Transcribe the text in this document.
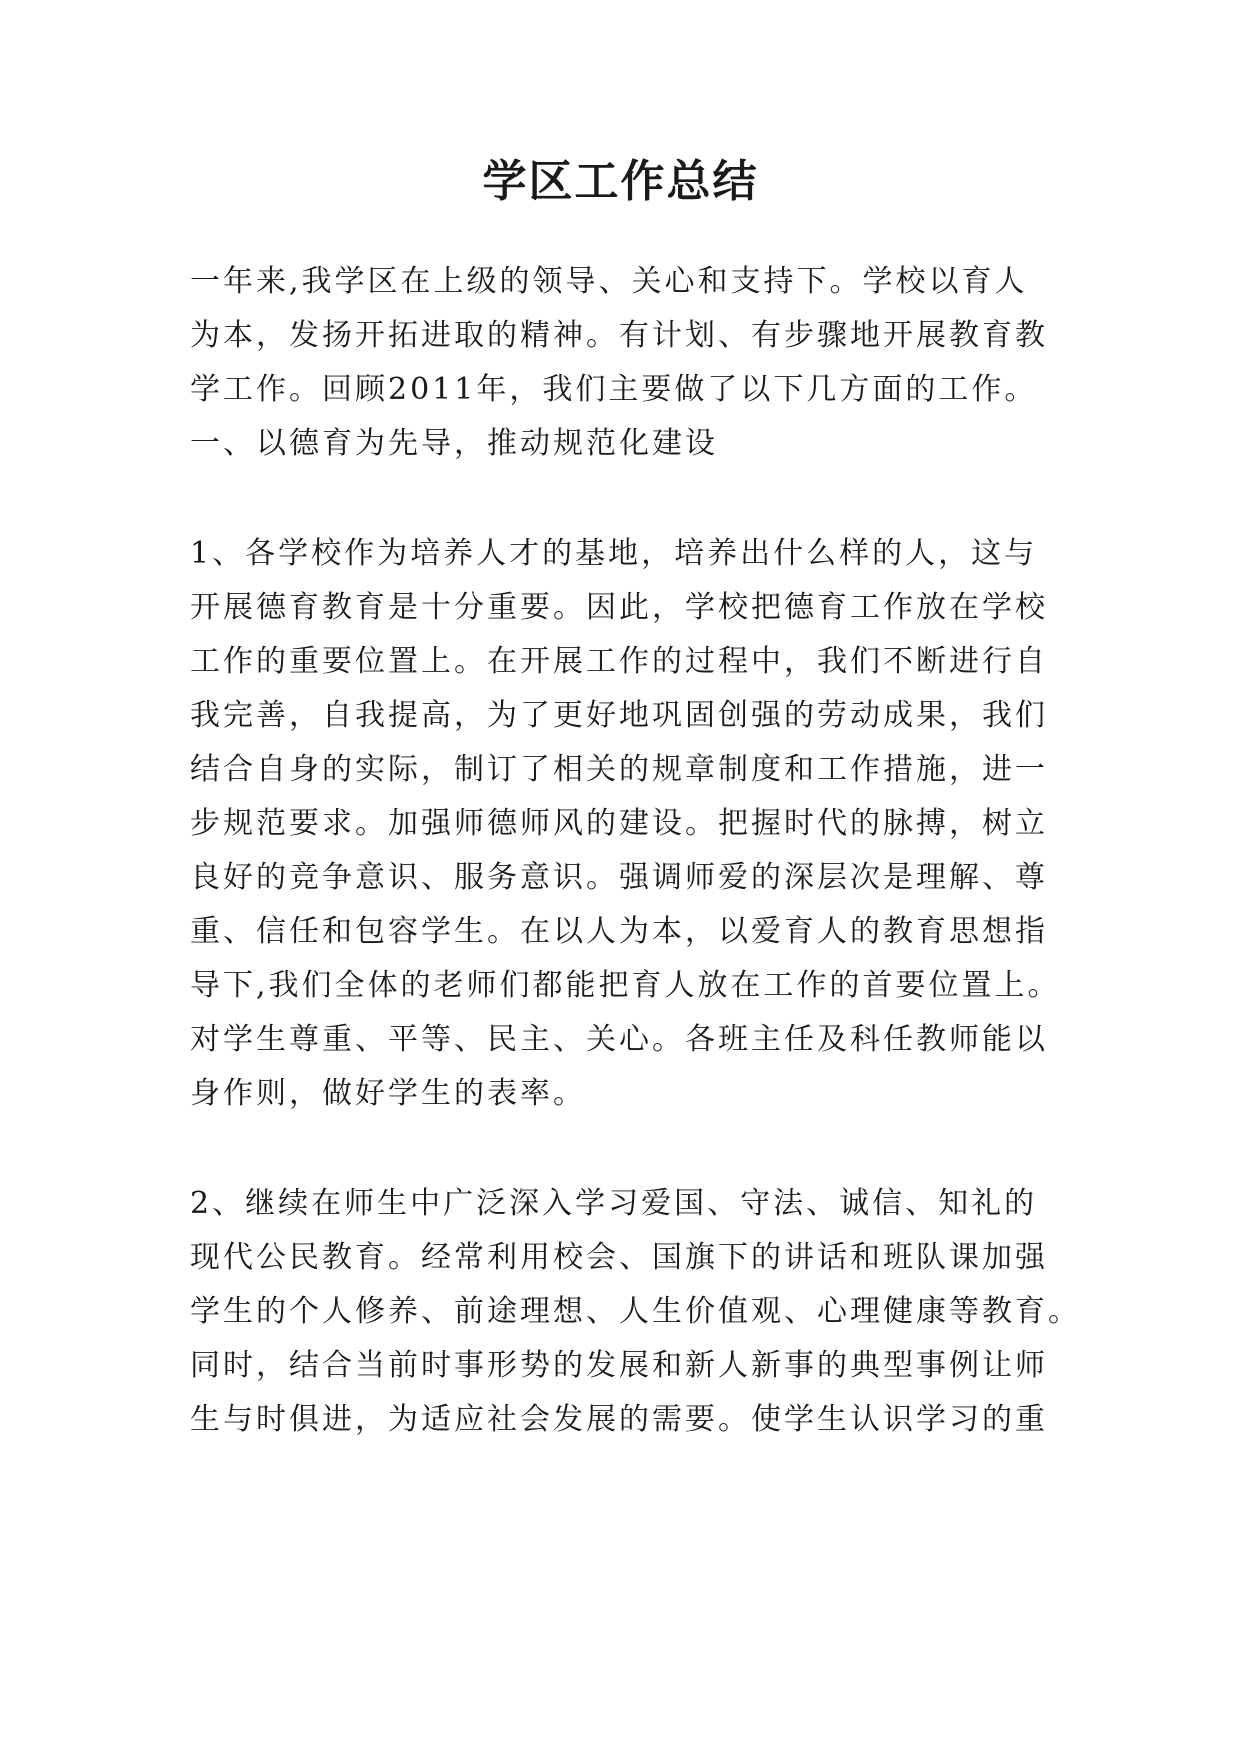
学区工作总结

一年来,我学区在上级的领导、关心和支持下。学校以育人

为本，发扬开拓进取的精神。有计划、有步骤地开展教育教

学工作。回顾2011年，我们主要做了以下几方面的工作。

一、以德育为先导，推动规范化建设

1、各学校作为培养人才的基地，培养出什么样的人，这与

开展德育教育是十分重要。因此，学校把德育工作放在学校

工作的重要位置上。在开展工作的过程中，我们不断进行自

我完善，自我提高，为了更好地巩固创强的劳动成果，我们

结合自身的实际，制订了相关的规章制度和工作措施，进一

步规范要求。加强师德师风的建设。把握时代的脉搏，树立

良好的竞争意识、服务意识。强调师爱的深层次是理解、尊

重、信任和包容学生。在以人为本，以爱育人的教育思想指

导下,我们全体的老师们都能把育人放在工作的首要位置上。

对学生尊重、平等、民主、关心。各班主任及科任教师能以

身作则，做好学生的表率。

2、继续在师生中广泛深入学习爱国、守法、诚信、知礼的

现代公民教育。经常利用校会、国旗下的讲话和班队课加强

学生的个人修养、前途理想、人生价值观、心理健康等教育。

同时，结合当前时事形势的发展和新人新事的典型事例让师

生与时俱进，为适应社会发展的需要。使学生认识学习的重
